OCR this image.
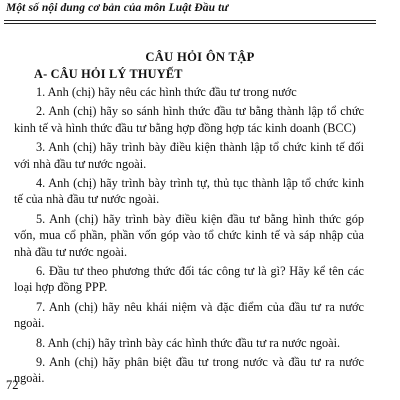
Một số nội dung cơ bản của môn Luật Đầu tư
CÂU HỎI ÔN TẬP
A- CÂU HỎI LÝ THUYẾT

1. Anh (chị) hãy nêu các hình thức đầu tư trong nước

2. Anh (chị) hãy so sánh hình thức đầu tư bằng thành lập tổ chức kinh tế và hình thức đầu tư bằng hợp đồng hợp tác kinh doanh (BCC)

3. Anh (chị) hãy trình bày điều kiện thành lập tổ chức kinh tế đối với nhà đầu tư nước ngoài.

4. Anh (chị) hãy trình bày trình tự, thủ tục thành lập tổ chức kinh tế của nhà đầu tư nước ngoài.

5. Anh (chị) hãy trình bày điều kiện đầu tư bằng hình thức góp vốn, mua cổ phần, phần vốn góp vào tổ chức kinh tế và sáp nhập của nhà đầu tư nước ngoài.

6. Đầu tư theo phương thức đối tác công tư là gì? Hãy kể tên các loại hợp đồng PPP.

7. Anh (chị) hãy nêu khái niệm và đặc điểm của đầu tư ra nước ngoài.

8. Anh (chị) hãy trình bày các hình thức đầu tư ra nước ngoài.

9. Anh (chị) hãy phân biệt đầu tư trong nước và đầu tư ra nước ngoài.

72
